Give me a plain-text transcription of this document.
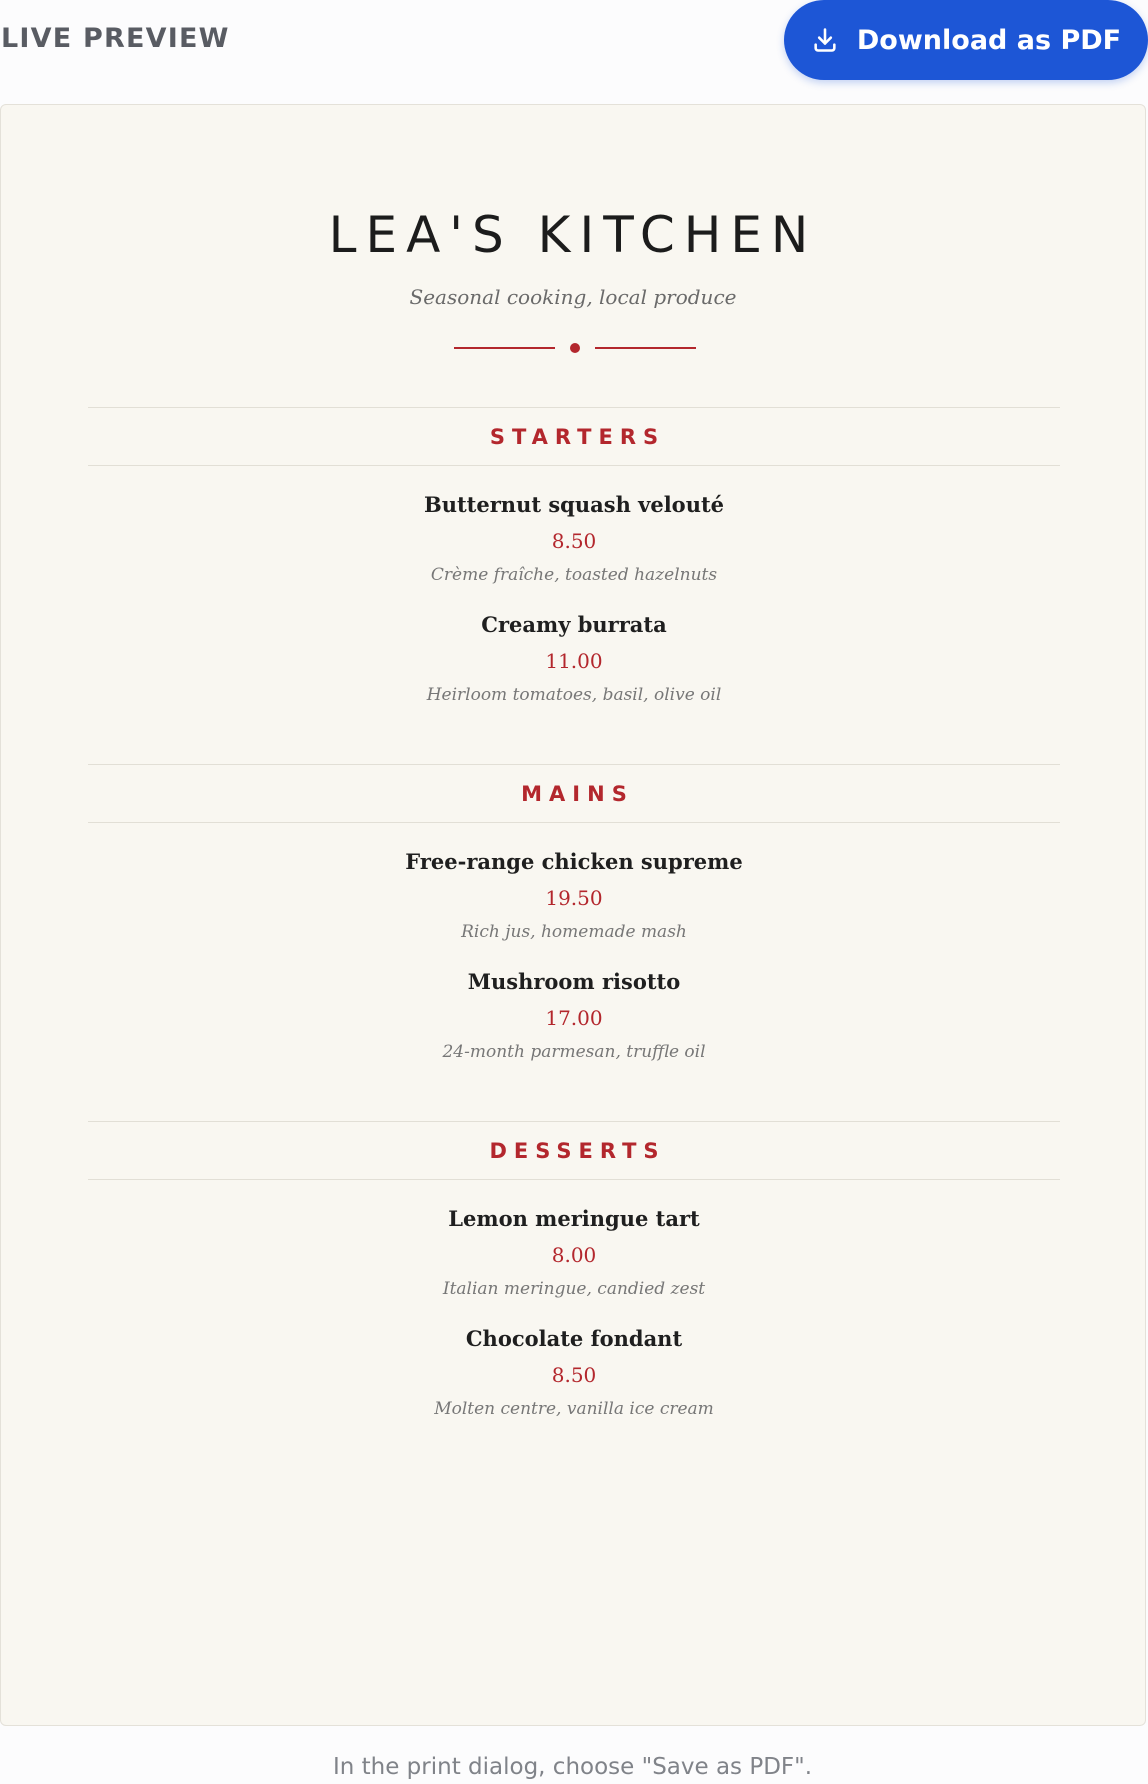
LIVE PREVIEW	Download as PDF
LEA'S KITCHEN
Seasonal cooking, local produce
STARTERS
Butternut squash velouté
8.50
Crème fraîche, toasted hazelnuts
Creamy burrata
11.00
Heirloom tomatoes, basil, olive oil
MAINS
Free-range chicken supreme
19.50
Rich jus, homemade mash
Mushroom risotto
17.00
24-month parmesan, truffle oil
DESSERTS
Lemon meringue tart
8.00
Italian meringue, candied zest
Chocolate fondant
8.50
Molten centre, vanilla ice cream
In the print dialog, choose "Save as PDF".
